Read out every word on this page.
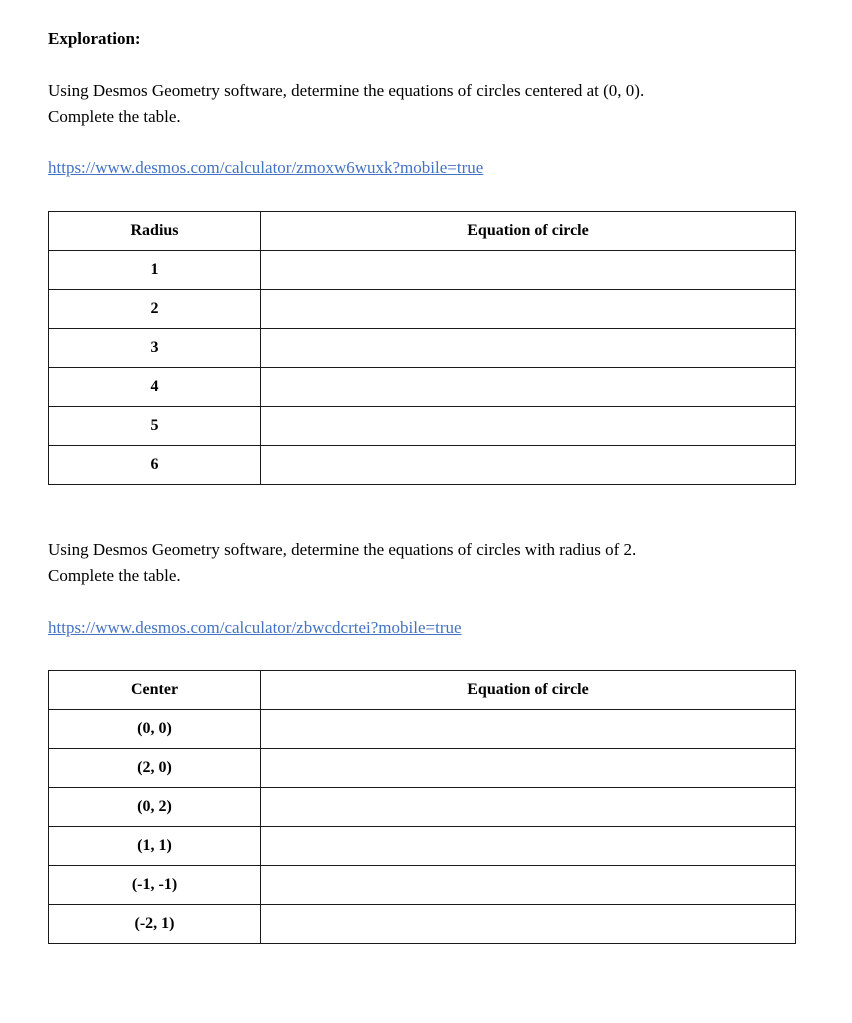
Exploration:

Using Desmos Geometry software, determine the equations of circles centered at (0, 0).
Complete the table.

https://www.desmos.com/calculator/zmoxw6wuxk?mobile=true

Radius	Equation of circle
1	
2	
3	
4	
5	
6	

Using Desmos Geometry software, determine the equations of circles with radius of 2.
Complete the table.

https://www.desmos.com/calculator/zbwcdcrtei?mobile=true

Center	Equation of circle
(0, 0)	
(2, 0)	
(0, 2)	
(1, 1)	
(-1, -1)	
(-2, 1)	
